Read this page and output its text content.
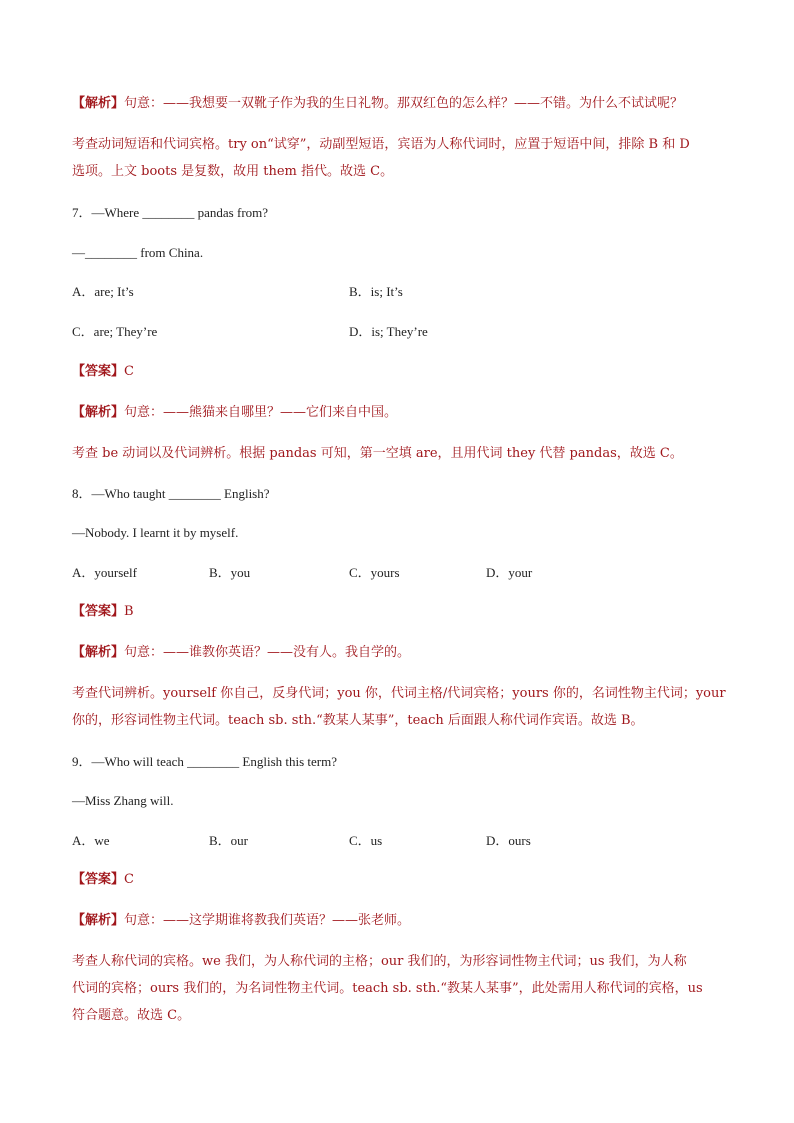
【解析】句意：——我想要一双靴子作为我的生日礼物。那双红色的怎么样？——不错。为什么不试试呢？
考查动词短语和代词宾格。try on“试穿”，动副型短语，宾语为人称代词时，应置于短语中间，排除 B 和 D
选项。上文 boots 是复数，故用 them 指代。故选 C。
7．—Where ________ pandas from?
—________ from China.
A．are; It’s	B．is; It’s
C．are; They’re	D．is; They’re
【答案】C
【解析】句意：——熊猫来自哪里？——它们来自中国。
考查 be 动词以及代词辨析。根据 pandas 可知，第一空填 are，且用代词 they 代替 pandas，故选 C。
8．—Who taught ________ English?
—Nobody. I learnt it by myself.
A．yourself	B．you	C．yours	D．your
【答案】B
【解析】句意：——谁教你英语？——没有人。我自学的。
考查代词辨析。yourself 你自己，反身代词；you 你，代词主格/代词宾格；yours 你的，名词性物主代词；your
你的，形容词性物主代词。teach sb. sth.“教某人某事”，teach 后面跟人称代词作宾语。故选 B。
9．—Who will teach ________ English this term?
—Miss Zhang will.
A．we	B．our	C．us	D．ours
【答案】C
【解析】句意：——这学期谁将教我们英语？——张老师。
考查人称代词的宾格。we 我们，为人称代词的主格；our 我们的，为形容词性物主代词；us 我们，为人称
代词的宾格；ours 我们的，为名词性物主代词。teach sb. sth.“教某人某事”，此处需用人称代词的宾格，us
符合题意。故选 C。
